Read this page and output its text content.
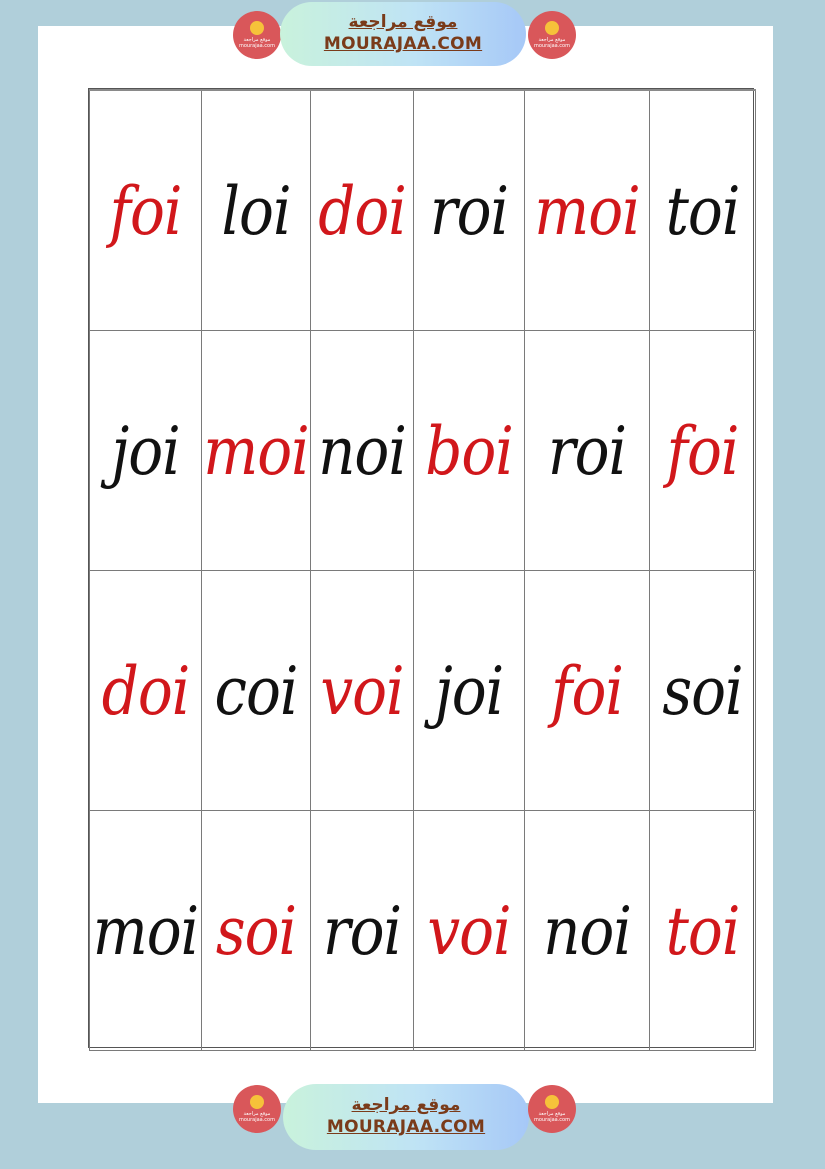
موقع مراجعة mourajaa.com
موقع مراجعة
MOURAJAA.COM	موقع مراجعة mourajaa.com
foi	loi	doi	roi	moi	toi
joi	moi	noi	boi	roi	foi
doi	coi	voi	joi	foi	soi
moi	soi	roi	voi	noi	toi
موقع مراجعة mourajaa.com
موقع مراجعة
MOURAJAA.COM
موقع مراجعة mourajaa.com
